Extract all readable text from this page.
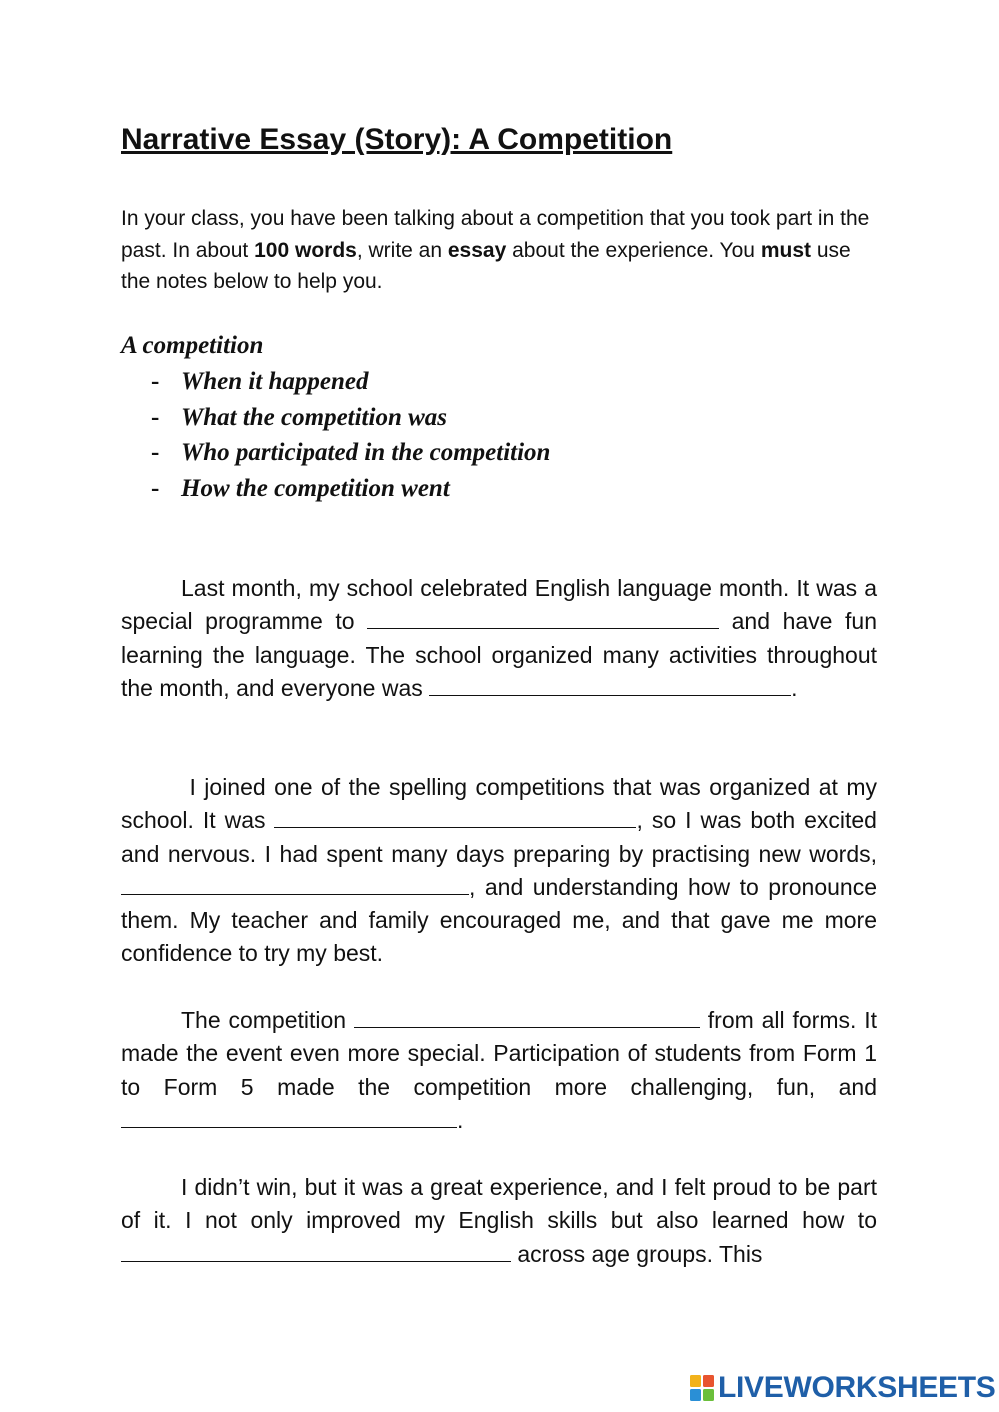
Narrative Essay (Story): A Competition

In your class, you have been talking about a competition that you took part in the past. In about 100 words, write an essay about the experience. You must use the notes below to help you.

A competition
- When it happened
- What the competition was
- Who participated in the competition
- How the competition went

Last month, my school celebrated English language month. It was a special programme to	and have fun learning the language. The school organized many activities throughout the month, and everyone was	.

I joined one of the spelling competitions that was organized at my school. It was	, so I was both excited and nervous. I had spent many days preparing by practising new words, , and understanding how to pronounce them. My teacher and family encouraged me, and that gave me more confidence to try my best.

The competition	from all forms. It made the event even more special. Participation of students from Form 1 to Form 5 made the competition more challenging, fun, and .

I didn’t win, but it was a great experience, and I felt proud to be part of it. I not only improved my English skills but also learned how to  across age groups. This

LIVEWORKSHEETS
